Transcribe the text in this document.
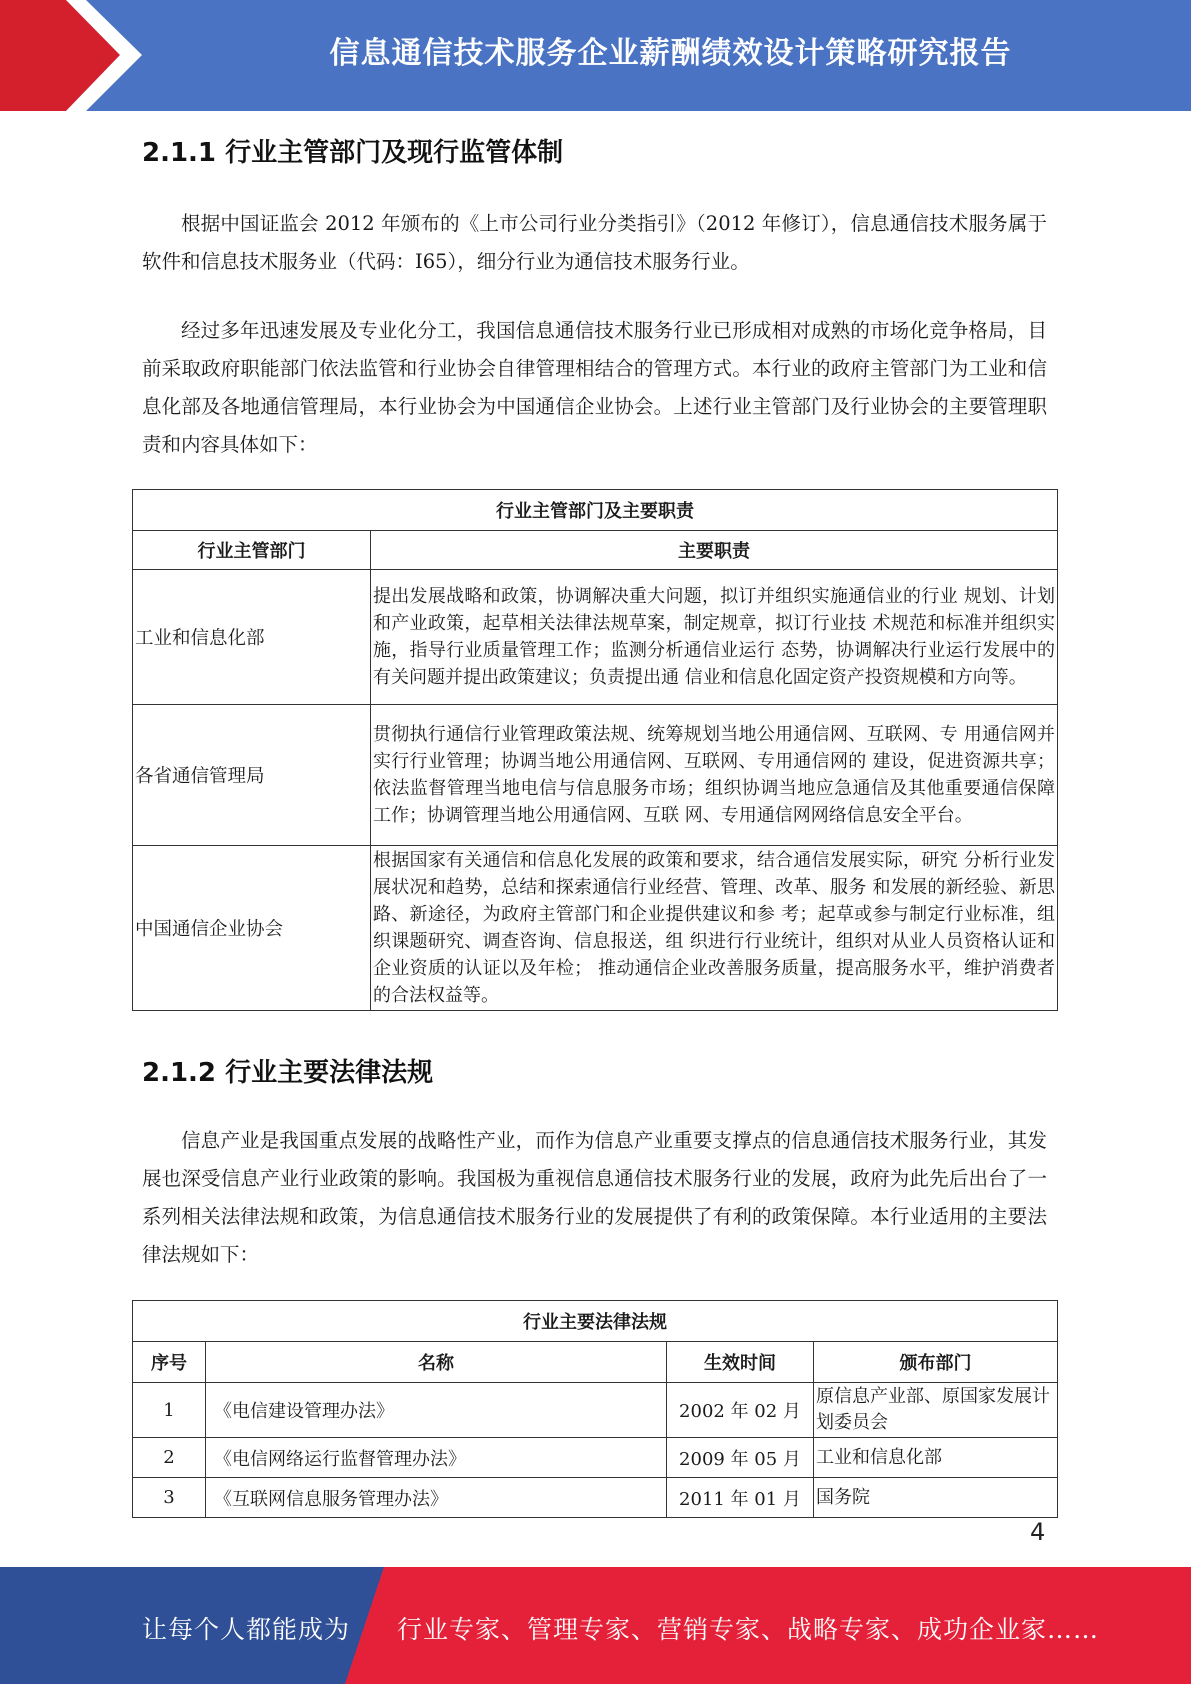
信息通信技术服务企业薪酬绩效设计策略研究报告
2.1.1 行业主管部门及现行监管体制

根据中国证监会 2012 年颁布的《上市公司行业分类指引》（2012 年修订），信息通信技术服务属于软件和信息技术服务业（代码：I65），细分行业为通信技术服务行业。

经过多年迅速发展及专业化分工，我国信息通信技术服务行业已形成相对成熟的市场化竞争格局，目前采取政府职能部门依法监管和行业协会自律管理相结合的管理方式。本行业的政府主管部门为工业和信息化部及各地通信管理局，本行业协会为中国通信企业协会。上述行业主管部门及行业协会的主要管理职责和内容具体如下：

行业主管部门及主要职责	
行业主管部门	主要职责
工业和信息化部	提出发展战略和政策，协调解决重大问题，拟订并组织实施通信业的行业 规划、计划和产业政策，起草相关法律法规草案，制定规章，拟订行业技 术规范和标准并组织实施，指导行业质量管理工作；监测分析通信业运行 态势，协调解决行业运行发展中的有关问题并提出政策建议；负责提出通 信业和信息化固定资产投资规模和方向等。
各省通信管理局	贯彻执行通信行业管理政策法规、统筹规划当地公用通信网、互联网、专 用通信网并实行行业管理；协调当地公用通信网、互联网、专用通信网的 建设，促进资源共享；依法监督管理当地电信与信息服务市场；组织协调当地应急通信及其他重要通信保障工作；协调管理当地公用通信网、互联 网、专用通信网网络信息安全平台。
中国通信企业协会	根据国家有关通信和信息化发展的政策和要求，结合通信发展实际，研究 分析行业发展状况和趋势，总结和探索通信行业经营、管理、改革、服务 和发展的新经验、新思路、新途径，为政府主管部门和企业提供建议和参 考；起草或参与制定行业标准，组织课题研究、调查咨询、信息报送，组 织进行行业统计，组织对从业人员资格认证和企业资质的认证以及年检； 推动通信企业改善服务质量，提高服务水平，维护消费者的合法权益等。
2.1.2 行业主要法律法规

信息产业是我国重点发展的战略性产业，而作为信息产业重要支撑点的信息通信技术服务行业，其发展也深受信息产业行业政策的影响。我国极为重视信息通信技术服务行业的发展，政府为此先后出台了一系列相关法律法规和政策，为信息通信技术服务行业的发展提供了有利的政策保障。本行业适用的主要法律法规如下：

行业主要法律法规			
序号	名称	生效时间	颁布部门
1	《电信建设管理办法》	2002 年 02 月	原信息产业部、原国家发展计划委员会
2	《电信网络运行监督管理办法》	2009 年 05 月	工业和信息化部
3	《互联网信息服务管理办法》	2011 年 01 月	国务院
4
让每个人都能成为 行业专家、管理专家、营销专家、战略专家、成功企业家……
